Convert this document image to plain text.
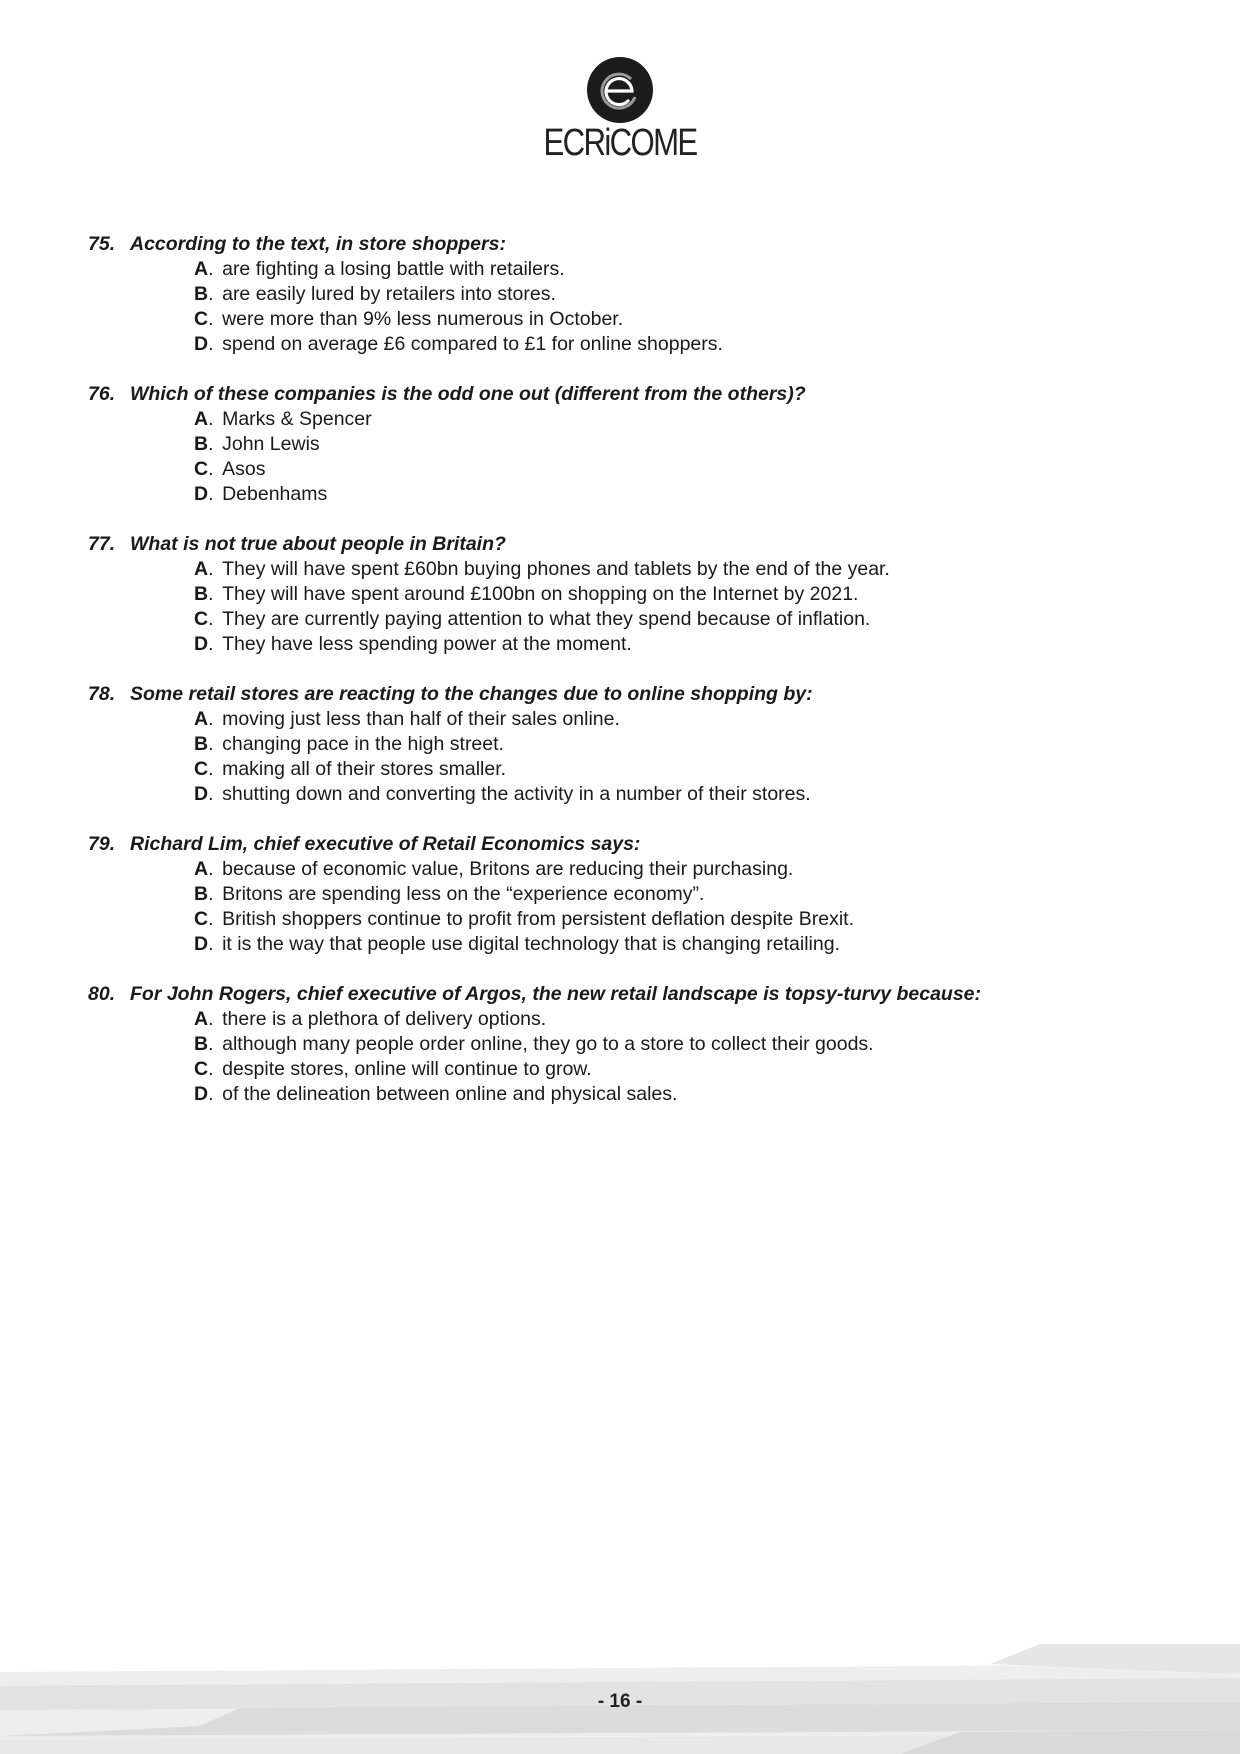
ECRiCOME
75. According to the text, in store shoppers:
A. are fighting a losing battle with retailers.
B. are easily lured by retailers into stores.
C. were more than 9% less numerous in October.
D. spend on average £6 compared to £1 for online shoppers.
76. Which of these companies is the odd one out (different from the others)?
A. Marks & Spencer
B. John Lewis
C. Asos
D. Debenhams
77. What is not true about people in Britain?
A. They will have spent £60bn buying phones and tablets by the end of the year.
B. They will have spent around £100bn on shopping on the Internet by 2021.
C. They are currently paying attention to what they spend because of inflation.
D. They have less spending power at the moment.
78. Some retail stores are reacting to the changes due to online shopping by:
A. moving just less than half of their sales online.
B. changing pace in the high street.
C. making all of their stores smaller.
D. shutting down and converting the activity in a number of their stores.
79. Richard Lim, chief executive of Retail Economics says:
A. because of economic value, Britons are reducing their purchasing.
B. Britons are spending less on the “experience economy”.
C. British shoppers continue to profit from persistent deflation despite Brexit.
D. it is the way that people use digital technology that is changing retailing.
80. For John Rogers, chief executive of Argos, the new retail landscape is topsy-turvy because:
A. there is a plethora of delivery options.
B. although many people order online, they go to a store to collect their goods.
C. despite stores, online will continue to grow.
D. of the delineation between online and physical sales.
- 16 -
